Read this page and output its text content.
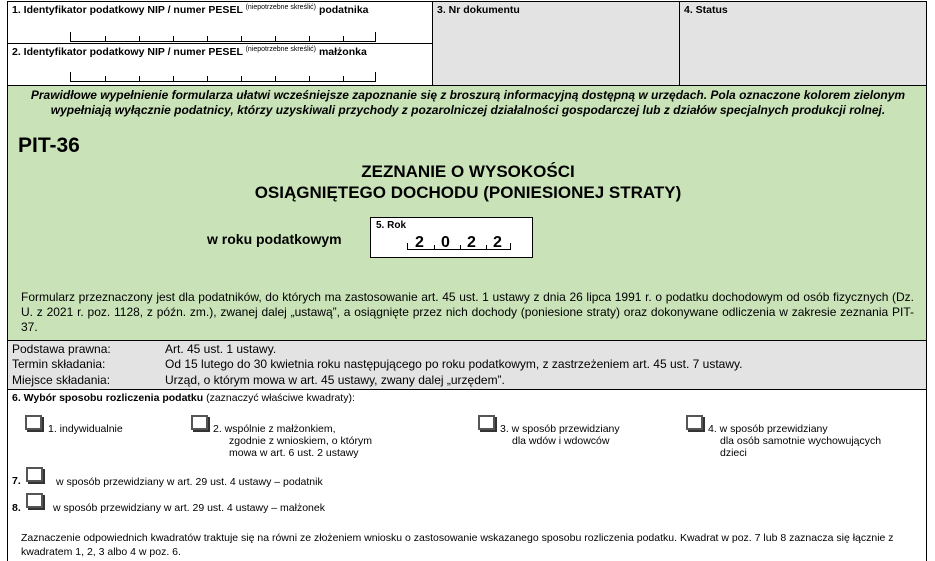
1. Identyfikator podatkowy NIP / numer PESEL $^{(niepotrzebne skreślić)}$ podatnika
2. Identyfikator podatkowy NIP / numer PESEL $^{(niepotrzebne skreślić)}$ małżonka
3. Nr dokumentu	4. Status
Prawidłowe wypełnienie formularza ułatwi wcześniejsze zapoznanie się z broszurą informacyjną dostępną w urzędach. Pola oznaczone kolorem zielonym wypełniają wyłącznie podatnicy, którzy uzyskiwali przychody z pozarolniczej działalności gospodarczej lub z działów specjalnych produkcji rolnej.
PIT-36
ZEZNANIE O WYSOKOŚCI
OSIĄGNIĘTEGO DOCHODU (PONIESIONEJ STRATY)
w roku podatkowym
5. Rok
2 0 2 2
Formularz przeznaczony jest dla podatników, do których ma zastosowanie art. 45 ust. 1 ustawy z dnia 26 lipca 1991 r. o podatku dochodowym od osób fizycznych (Dz. U. z 2021 r. poz. 1128, z późn. zm.), zwanej dalej „ustawą”, a osiągnięte przez nich dochody (poniesione straty) oraz dokonywane odliczenia w zakresie zeznania PIT-37.
Podstawa prawna:	Art. 45 ust. 1 ustawy.
Termin składania:	Od 15 lutego do 30 kwietnia roku następującego po roku podatkowym, z zastrzeżeniem art. 45 ust. 7 ustawy.
Miejsce składania:	Urząd, o którym mowa w art. 45 ustawy, zwany dalej „urzędem”.
6. Wybór sposobu rozliczenia podatku (zaznaczyć właściwe kwadraty):
1. indywidualnie	2. wspólnie z małżonkiem,
zgodnie z wnioskiem, o którym
mowa w art. 6 ust. 2 ustawy
3. w sposób przewidziany
dla wdów i wdowców
4. w sposób przewidziany
dla osób samotnie wychowujących
dzieci
7.	w sposób przewidziany w art. 29 ust. 4 ustawy – podatnik
8.	w sposób przewidziany w art. 29 ust. 4 ustawy – małżonek
Zaznaczenie odpowiednich kwadratów traktuje się na równi ze złożeniem wniosku o zastosowanie wskazanego sposobu rozliczenia podatku. Kwadrat w poz. 7 lub 8 zaznacza się łącznie z kwadratem 1, 2, 3 albo 4 w poz. 6.
